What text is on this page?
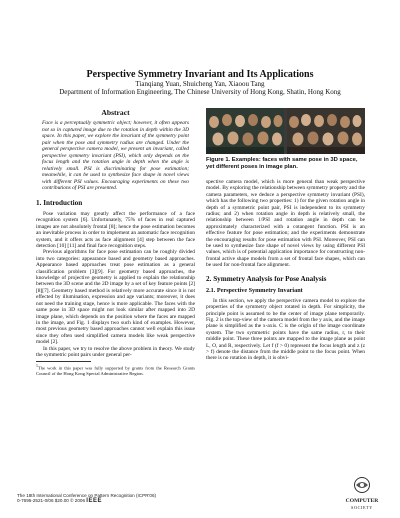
Perspective Symmetry Invariant and Its Applications
Tianqiang Yuan, Shuicheng Yan, Xiaoou Tang
Department of Information Engineering, The Chinese University of Hong Kong, Shatin, Hong Kong
Abstract

Face is a perceptually symmetric object; however, it often appears not so in captured image due to the rotation in depth within the 3D space. In this paper, we explore the invariant of the symmetry point pair when the pose and symmetry radius are changed. Under the general perspective camera model, we present an invariant, called perspective symmetry invariant (PSI), which only depends on the focus length and the rotation angle in depth when the angle is relatively small. PSI is discriminating for pose estimation; meanwhile, it can be used to synthesize face shape in novel views with different PSI values. Encouraging experiments on these two contributions of PSI are presented.

1. Introduction

Pose variation may greatly affect the performance of a face recognition system [6]. Unfortunately, 75% of faces in real captured images are not absolutely frontal [8]; hence the pose estimation becomes an inevitable process in order to implement an automatic face recognition system, and it offers acts as face alignment [4] step between the face detection [10] [11] and final face recognition steps.

Previous algorithms for face pose estimation can be roughly divided into two categories: appearance based and geometry based approaches. Appearance based approaches treat pose estimation as a general classification problem [3][9]. For geometry based approaches, the knowledge of projective geometry is applied to explain the relationship between the 3D scene and the 2D image by a set of key feature points [2][8][7]. Geometry based method is relatively more accurate since it is not effected by illumination, expression and age variants; moreover, it does not need the training stage, hence is more applicable. The faces with the same pose in 3D space might not look similar after mapped into 2D image plane, which depends on the position where the faces are mapped in the image, and Fig. 1 displays two such kind of examples. However, most previous geometry based approaches cannot well explain this issue since they often used simplified camera models like weak perspective model [2].

In this paper, we try to resolve the above problem in theory. We study the symmetric point pairs under general per-

$^1$The work in this paper was fully supported by grants from the Research Grants Council of the Hong Kong Special Administrative Region.

Figure 1. Examples: faces with same pose in 3D space, yet different poses in image plan.

spective camera model, which is more general than weak perspective model. By exploring the relationship between symmetry property and the camera parameters, we deduce a perspective symmetry invariant (PSI), which has the following two properties: 1) for the given rotation angle in depth of a symmetric point pair, PSI is independent to its symmetry radius; and 2) when rotation angle in depth is relatively small, the relationship between 1/PSI and rotation angle in depth can be approximately characterized with a cotangent function. PSI is an effective feature for pose estimation; and the experiments demonstrate the encouraging results for pose estimation with PSI. Moreover, PSI can be used to synthesize face shape of novel views by using different PSI values, which is of potential application importance for constructing non-frontal active shape models from a set of frontal face shapes, which can be used for non-frontal face alignment.

2. Symmetry Analysis for Pose Analysis
2.1. Perspective Symmetry Invariant

In this section, we apply the perspective camera model to explore the properties of the symmetry object rotated in depth. For simplicity, the principle point is assumed to be the center of image plane temporarily. Fig. 2 is the top-view of the camera model from the y axis, and the image plane is simplified as the x-axis. C is the origin of the image coordinate system. The two symmetric points have the same radius, r, to their middle point. These three points are mapped to the image plane as point L, O, and R, respectively. Let f (f > 0) represent the focus length and z (z > f) denote the distance from the middle point to the focus point. When there is no rotation in depth, it is obvi-

The 18th International Conference on Pattern Recognition (ICPR'06)
0-7695-2521-0/06 $20.00 © 2006 IEEE	COMPUTER
SOCIETY
